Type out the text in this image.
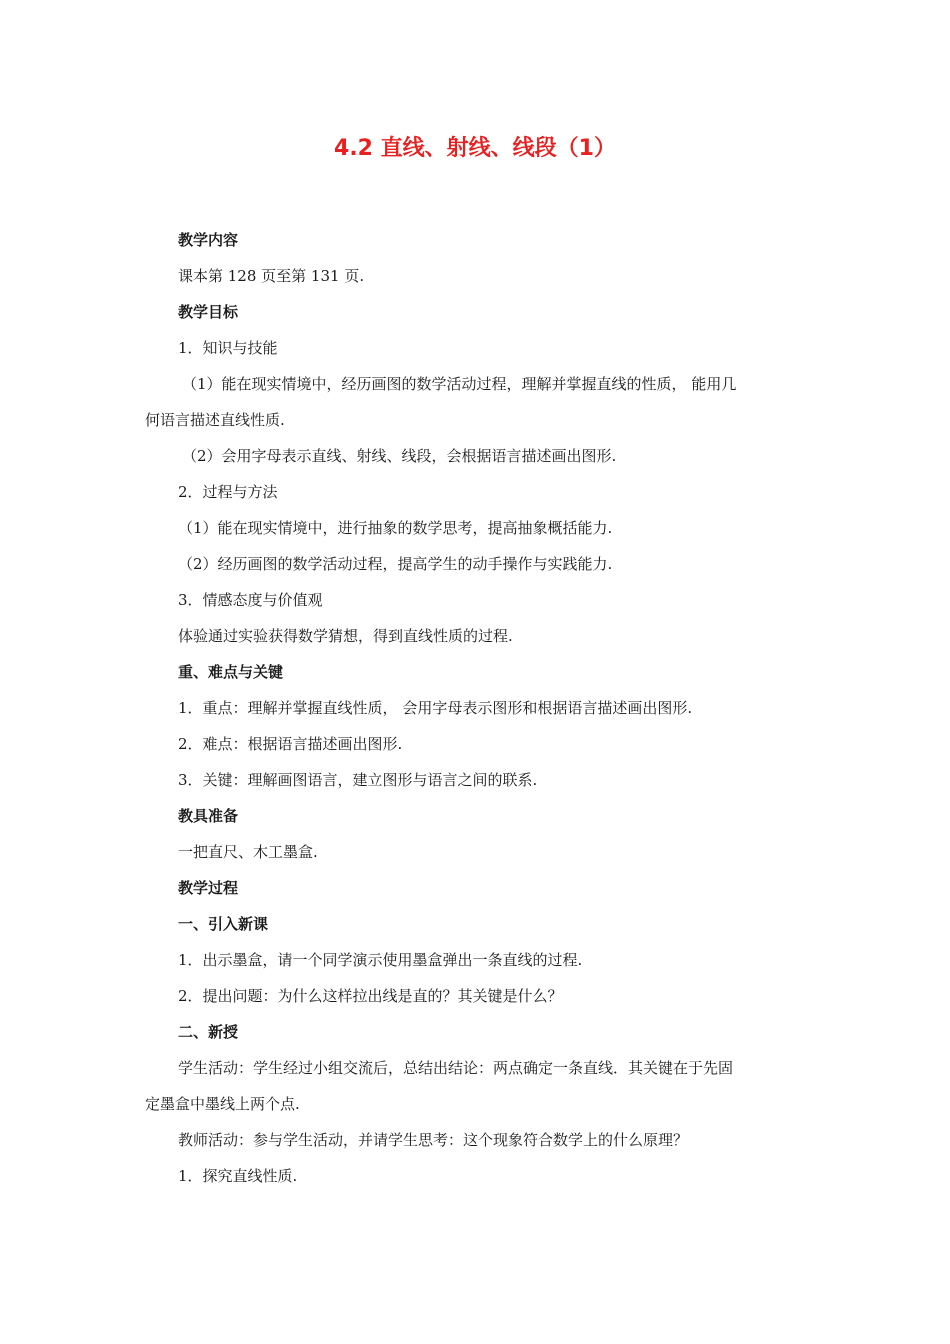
4.2 直线、射线、线段（1）

教学内容

课本第 128 页至第 131 页.

教学目标

1．知识与技能

（1）能在现实情境中，经历画图的数学活动过程，理解并掌握直线的性质， 能用几

何语言描述直线性质.

（2）会用字母表示直线、射线、线段，会根据语言描述画出图形.

2．过程与方法

（1）能在现实情境中，进行抽象的数学思考，提高抽象概括能力.

（2）经历画图的数学活动过程，提高学生的动手操作与实践能力.

3．情感态度与价值观

体验通过实验获得数学猜想，得到直线性质的过程.

重、难点与关键

1．重点：理解并掌握直线性质， 会用字母表示图形和根据语言描述画出图形.

2．难点：根据语言描述画出图形.

3．关键：理解画图语言，建立图形与语言之间的联系.

教具准备

一把直尺、木工墨盒.

教学过程

一、引入新课

1．出示墨盒，请一个同学演示使用墨盒弹出一条直线的过程.

2．提出问题：为什么这样拉出线是直的？其关键是什么？

二、新授

学生活动：学生经过小组交流后，总结出结论：两点确定一条直线．其关键在于先固

定墨盒中墨线上两个点.

教师活动：参与学生活动，并请学生思考：这个现象符合数学上的什么原理？

1．探究直线性质.
